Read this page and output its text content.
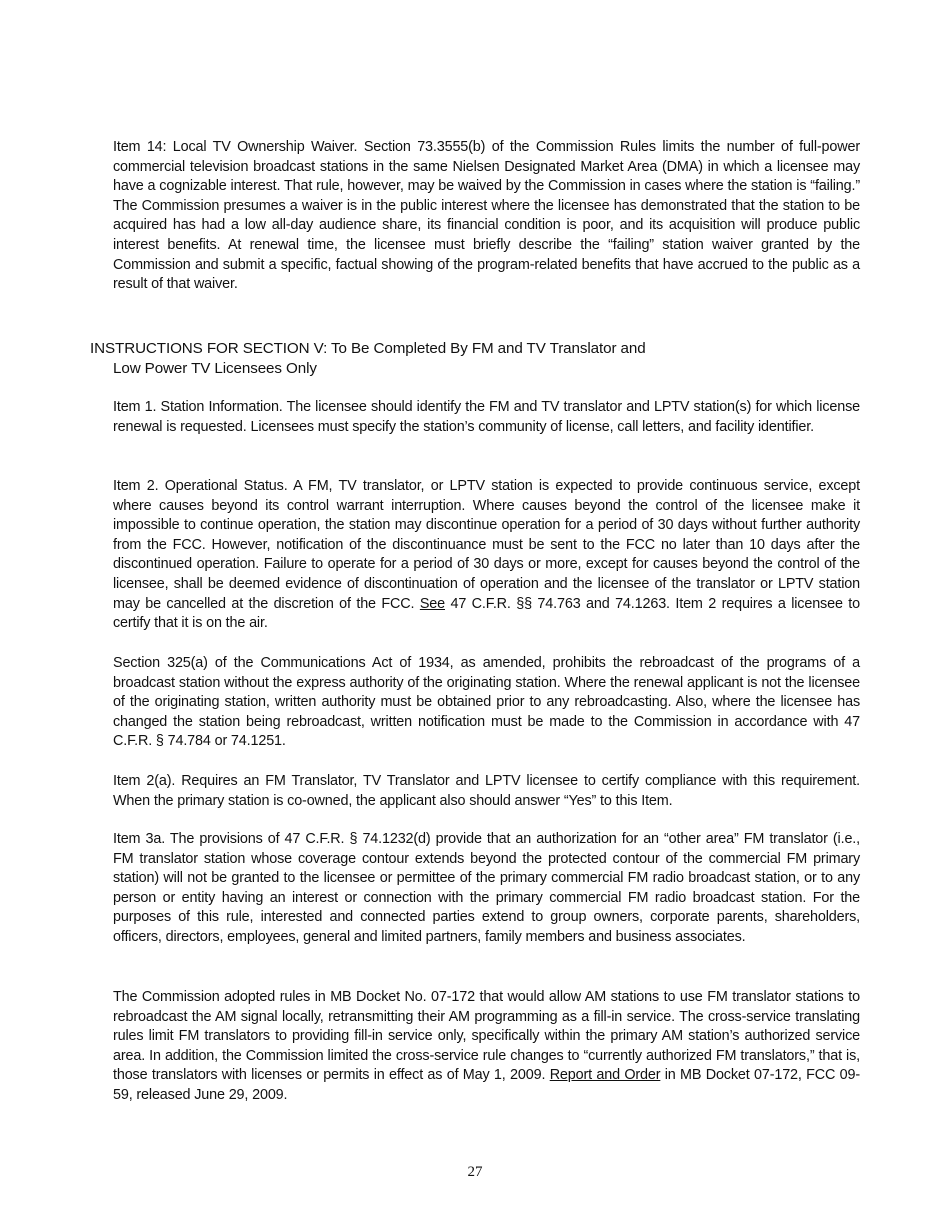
Item 14: Local TV Ownership Waiver. Section 73.3555(b) of the Commission Rules limits the number of full-power commercial television broadcast stations in the same Nielsen Designated Market Area (DMA) in which a licensee may have a cognizable interest. That rule, however, may be waived by the Commission in cases where the station is “failing.” The Commission presumes a waiver is in the public interest where the licensee has demonstrated that the station to be acquired has had a low all-day audience share, its financial condition is poor, and its acquisition will produce public interest benefits. At renewal time, the licensee must briefly describe the “failing” station waiver granted by the Commission and submit a specific, factual showing of the program-related benefits that have accrued to the public as a result of that waiver.

INSTRUCTIONS FOR SECTION V: To Be Completed By FM and TV Translator and
Low Power TV Licensees Only

Item 1. Station Information. The licensee should identify the FM and TV translator and LPTV station(s) for which license renewal is requested. Licensees must specify the station’s community of license, call letters, and facility identifier.

Item 2. Operational Status. A FM, TV translator, or LPTV station is expected to provide continuous service, except where causes beyond its control warrant interruption. Where causes beyond the control of the licensee make it impossible to continue operation, the station may discontinue operation for a period of 30 days without further authority from the FCC. However, notification of the discontinuance must be sent to the FCC no later than 10 days after the discontinued operation. Failure to operate for a period of 30 days or more, except for causes beyond the control of the licensee, shall be deemed evidence of discontinuation of operation and the licensee of the translator or LPTV station may be cancelled at the discretion of the FCC. See 47 C.F.R. §§ 74.763 and 74.1263. Item 2 requires a licensee to certify that it is on the air.

Section 325(a) of the Communications Act of 1934, as amended, prohibits the rebroadcast of the programs of a broadcast station without the express authority of the originating station. Where the renewal applicant is not the licensee of the originating station, written authority must be obtained prior to any rebroadcasting. Also, where the licensee has changed the station being rebroadcast, written notification must be made to the Commission in accordance with 47 C.F.R. § 74.784 or 74.1251.

Item 2(a). Requires an FM Translator, TV Translator and LPTV licensee to certify compliance with this requirement. When the primary station is co-owned, the applicant also should answer “Yes” to this Item.

Item 3a. The provisions of 47 C.F.R. § 74.1232(d) provide that an authorization for an “other area” FM translator (i.e., FM translator station whose coverage contour extends beyond the protected contour of the commercial FM primary station) will not be granted to the licensee or permittee of the primary commercial FM radio broadcast station, or to any person or entity having an interest or connection with the primary commercial FM radio broadcast station. For the purposes of this rule, interested and connected parties extend to group owners, corporate parents, shareholders, officers, directors, employees, general and limited partners, family members and business associates.

The Commission adopted rules in MB Docket No. 07-172 that would allow AM stations to use FM translator stations to rebroadcast the AM signal locally, retransmitting their AM programming as a fill-in service. The cross-service translating rules limit FM translators to providing fill-in service only, specifically within the primary AM station’s authorized service area. In addition, the Commission limited the cross-service rule changes to “currently authorized FM translators,” that is, those translators with licenses or permits in effect as of May 1, 2009. Report and Order in MB Docket 07-172, FCC 09-59, released June 29, 2009.

27
